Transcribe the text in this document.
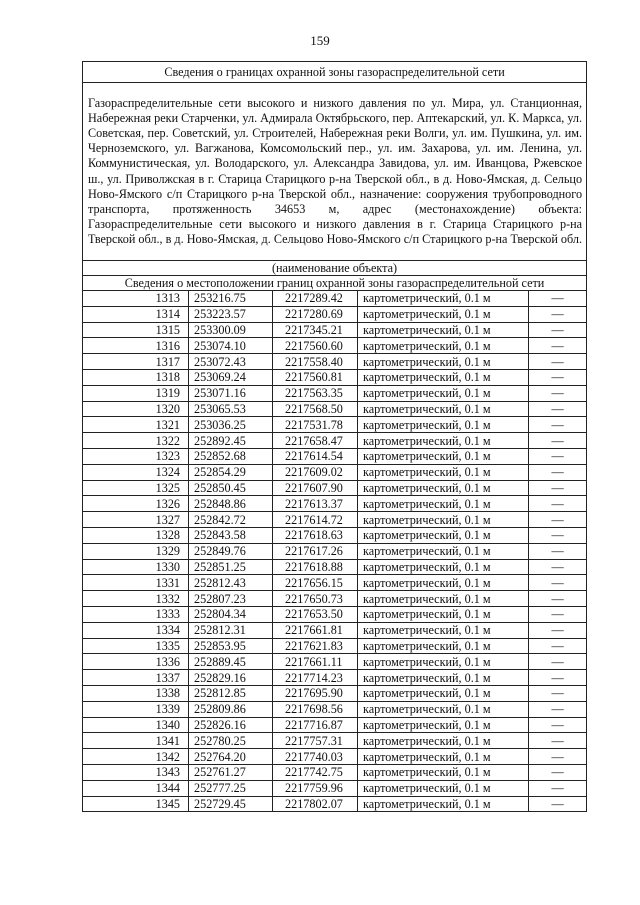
159
Сведения о границах охранной зоны газораспределительной сети				
Газораспределительные сети высокого и низкого давления по ул. Мира, ул. Станционная, Набережная реки Старченки, ул. Адмирала Октябрьского, пер. Аптекарский, ул. К. Маркса, ул. Советская, пер. Советский, ул. Строителей, Набережная реки Волги, ул. им. Пушкина, ул. им. Черноземского, ул. Вагжанова, Комсомольский пер., ул. им. Захарова, ул. им. Ленина, ул. Коммунистическая, ул. Володарского, ул. Александра Завидова, ул. им. Иванцова, Ржевское ш., ул. Приволжская в г. Старица Старицкого р-на Тверской обл., в д. Ново-Ямская, д. Сельцо Ново-Ямского с/п Старицкого р-на Тверской обл., назначение: сооружения трубопроводного транспорта, протяженность 34653 м, адрес (местонахождение) объекта: Газораспределительные сети высокого и низкого давления в г. Старица Старицкого р-на Тверской обл., в д. Ново-Ямская, д. Сельцово Ново-Ямского с/п Старицкого р-на Тверской обл.				
(наименование объекта)				
Сведения о местоположении границ охранной зоны газораспределительной сети				
1313	253216.75	2217289.42	картометрический, 0.1 м	—
1314	253223.57	2217280.69	картометрический, 0.1 м	—
1315	253300.09	2217345.21	картометрический, 0.1 м	—
1316	253074.10	2217560.60	картометрический, 0.1 м	—
1317	253072.43	2217558.40	картометрический, 0.1 м	—
1318	253069.24	2217560.81	картометрический, 0.1 м	—
1319	253071.16	2217563.35	картометрический, 0.1 м	—
1320	253065.53	2217568.50	картометрический, 0.1 м	—
1321	253036.25	2217531.78	картометрический, 0.1 м	—
1322	252892.45	2217658.47	картометрический, 0.1 м	—
1323	252852.68	2217614.54	картометрический, 0.1 м	—
1324	252854.29	2217609.02	картометрический, 0.1 м	—
1325	252850.45	2217607.90	картометрический, 0.1 м	—
1326	252848.86	2217613.37	картометрический, 0.1 м	—
1327	252842.72	2217614.72	картометрический, 0.1 м	—
1328	252843.58	2217618.63	картометрический, 0.1 м	—
1329	252849.76	2217617.26	картометрический, 0.1 м	—
1330	252851.25	2217618.88	картометрический, 0.1 м	—
1331	252812.43	2217656.15	картометрический, 0.1 м	—
1332	252807.23	2217650.73	картометрический, 0.1 м	—
1333	252804.34	2217653.50	картометрический, 0.1 м	—
1334	252812.31	2217661.81	картометрический, 0.1 м	—
1335	252853.95	2217621.83	картометрический, 0.1 м	—
1336	252889.45	2217661.11	картометрический, 0.1 м	—
1337	252829.16	2217714.23	картометрический, 0.1 м	—
1338	252812.85	2217695.90	картометрический, 0.1 м	—
1339	252809.86	2217698.56	картометрический, 0.1 м	—
1340	252826.16	2217716.87	картометрический, 0.1 м	—
1341	252780.25	2217757.31	картометрический, 0.1 м	—
1342	252764.20	2217740.03	картометрический, 0.1 м	—
1343	252761.27	2217742.75	картометрический, 0.1 м	—
1344	252777.25	2217759.96	картометрический, 0.1 м	—
1345	252729.45	2217802.07	картометрический, 0.1 м	—
